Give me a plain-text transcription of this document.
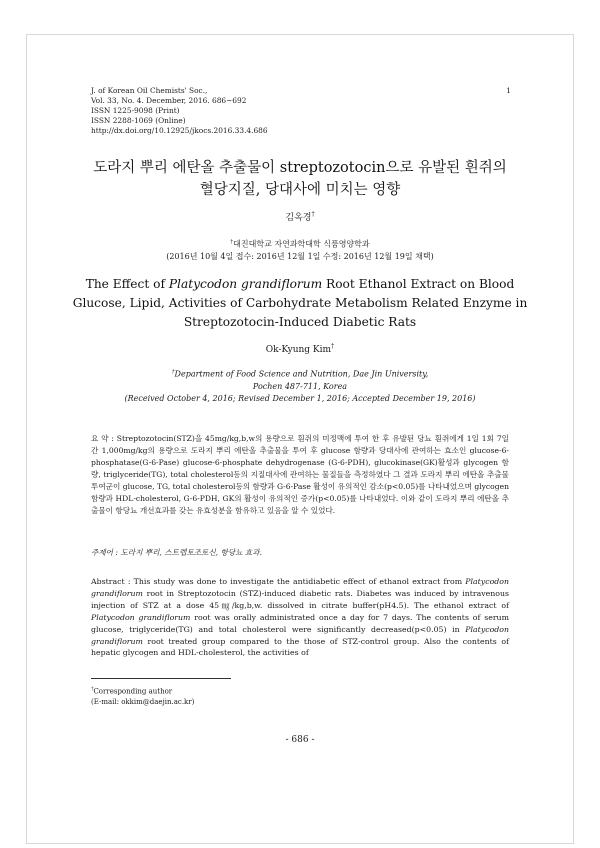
J. of Korean Oil Chemists' Soc.,
Vol. 33, No. 4. December, 2016. 686~692
ISSN 1225-9098 (Print)
ISSN 2288-1069 (Online)
http://dx.doi.org/10.12925/jkocs.2016.33.4.686
1
도라지 뿌리 에탄올 추출물이 streptozotocin으로 유발된 흰쥐의
혈당지질, 당대사에 미치는 영향
김옥경†
†대진대학교 자연과학대학 식품영양학과
(2016년 10월 4일 접수: 2016년 12월 1일 수정: 2016년 12월 19일 채택)
The Effect of Platycodon grandiflorum Root Ethanol Extract on Blood
Glucose, Lipid, Activities of Carbohydrate Metabolism Related Enzyme in
Streptozotocin-Induced Diabetic Rats
Ok-Kyung Kim†
†Department of Food Science and Nutrition, Dae Jin University,
Pochen 487-711, Korea
(Received October 4, 2016; Revised December 1, 2016; Accepted December 19, 2016)
요 약 : Streptozotocin(STZ)을 45mg/kg,b,w의 용량으로 흰쥐의 미정맥에 투여 한 후 유발된 당뇨 흰쥐에게 1일 1회 7일간 1,000mg/kg의 용량으로 도라지 뿌리 에탄올 추출물을 투여 후 glucose 함량과 당대사에 관여하는 효소인 glucose-6-phosphatase(G-6-Pase) glucose-6-phosphate dehydrogenase (G-6-PDH), glucokinase(GK)활성과 glycogen 함량, triglyceride(TG), total cholesterol등의 지질대사에 관여하는 물질들을 측정하였다 그 결과 도라지 뿌리 에탄올 추출물 투여군이 glucose, TG, total cholesterol등의 함량과 G-6-Pase 활성이 유의적인 감소(p<0.05)를 나타내었으며 glycogen 함량과 HDL-cholesterol, G-6-PDH, GK의 활성이 유의적인 증가(p<0.05)를 나타내었다. 이와 같이 도라지 뿌리 에탄올 추출물이 항당뇨 개선효과를 갖는 유효성분을 함유하고 있음을 알 수 있었다.
주제어 : 도라지 뿌리, 스트렙토조토신, 항당뇨 효과.
Abstract : This study was done to investigate the antidiabetic effect of ethanol extract from Platycodon grandiflorum root in Streptozotocin (STZ)-induced diabetic rats. Diabetes was induced by intravenous injection of STZ at a dose 45㎎/kg,b,w. dissolved in citrate buffer(pH4.5). The ethanol extract of Platycodon grandiflorum root was orally administrated once a day for 7 days. The contents of serum glucose, triglyceride(TG) and total cholesterol were significantly decreased(p<0.05) in Platycodon grandiflorum root treated group compared to the those of STZ-control group. Also the contents of hepatic glycogen and HDL-cholesterol, the activities of
†Corresponding author
(E-mail: okkim@daejin.ac.kr)
- 686 -
